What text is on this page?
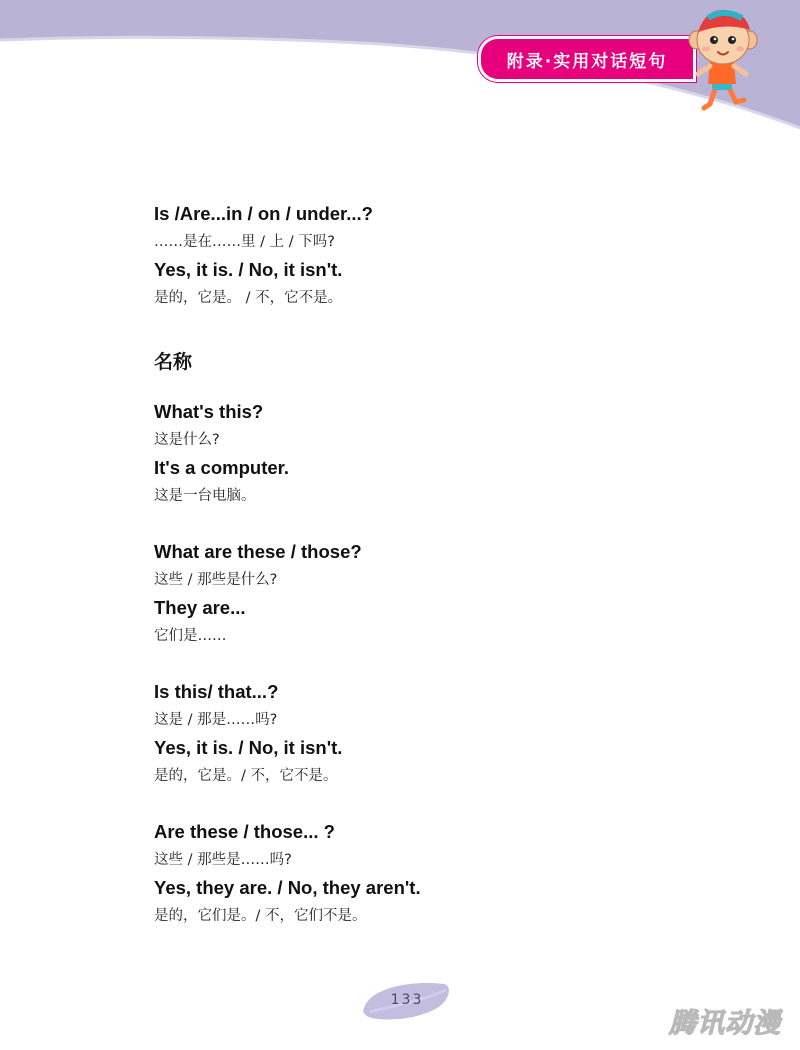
附录·实用对话短句
Is /Are...in / on / under...?
……是在……里 / 上 / 下吗?
Yes, it is. / No, it isn't.
是的，它是。 / 不，它不是。
名称
What's this?
这是什么?
It's a computer.
这是一台电脑。
What are these / those?
这些 / 那些是什么?
They are...
它们是……
Is this/ that...?
这是 / 那是……吗?
Yes, it is. / No, it isn't.
是的，它是。/ 不，它不是。
Are these / those... ?
这些 / 那些是……吗?
Yes, they are. / No, they aren't.
是的，它们是。/ 不，它们不是。
133
腾讯动漫
